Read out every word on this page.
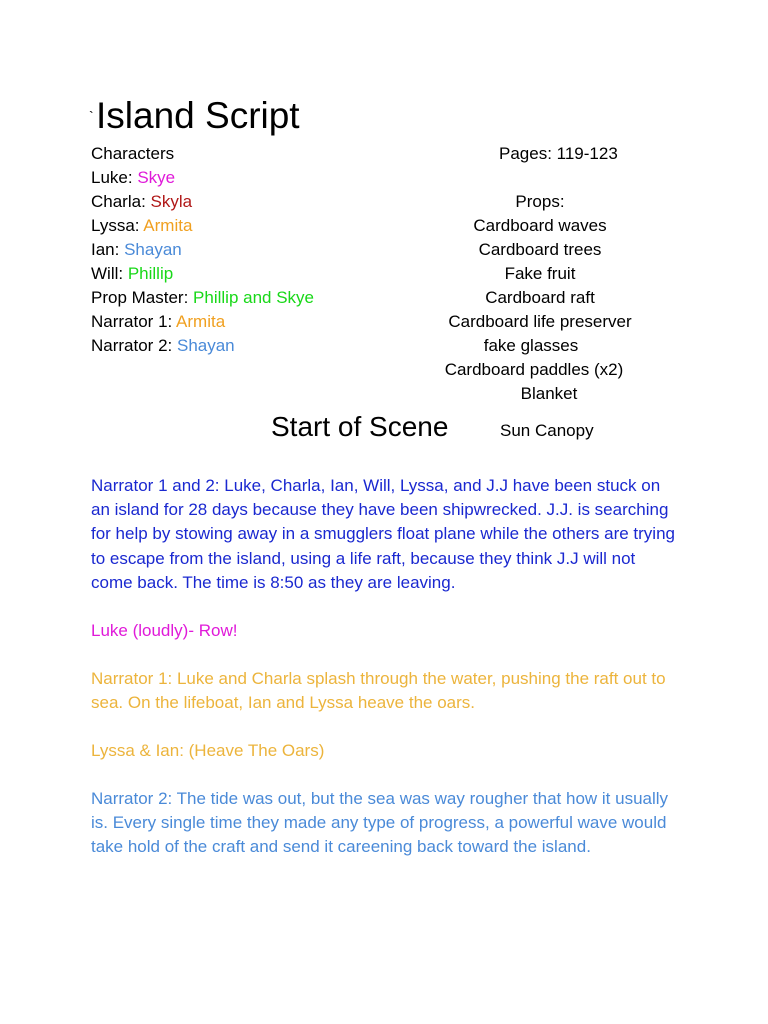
` Island Script
Characters
Luke: Skye
Charla: Skyla
Lyssa: Armita
Ian: Shayan
Will: Phillip
Prop Master: Phillip and Skye
Narrator 1: Armita
Narrator 2: Shayan
Pages: 119-123
Props:
Cardboard waves
Cardboard trees
Fake fruit
Cardboard raft
Cardboard life preserver
fake glasses
Cardboard paddles (x2)
Blanket
Start of Scene	Sun Canopy

Narrator 1 and 2: Luke, Charla, Ian, Will, Lyssa, and J.J have been stuck on an island for 28 days because they have been shipwrecked. J.J. is searching for help by stowing away in a smugglers float plane while the others are trying to escape from the island, using a life raft, because they think J.J will not come back. The time is 8:50 as they are leaving.

Luke (loudly)- Row!

Narrator 1: Luke and Charla splash through the water, pushing the raft out to sea. On the lifeboat, Ian and Lyssa heave the oars.

Lyssa & Ian: (Heave The Oars)

Narrator 2: The tide was out, but the sea was way rougher that how it usually is. Every single time they made any type of progress, a powerful wave would take hold of the craft and send it careening back toward the island.
